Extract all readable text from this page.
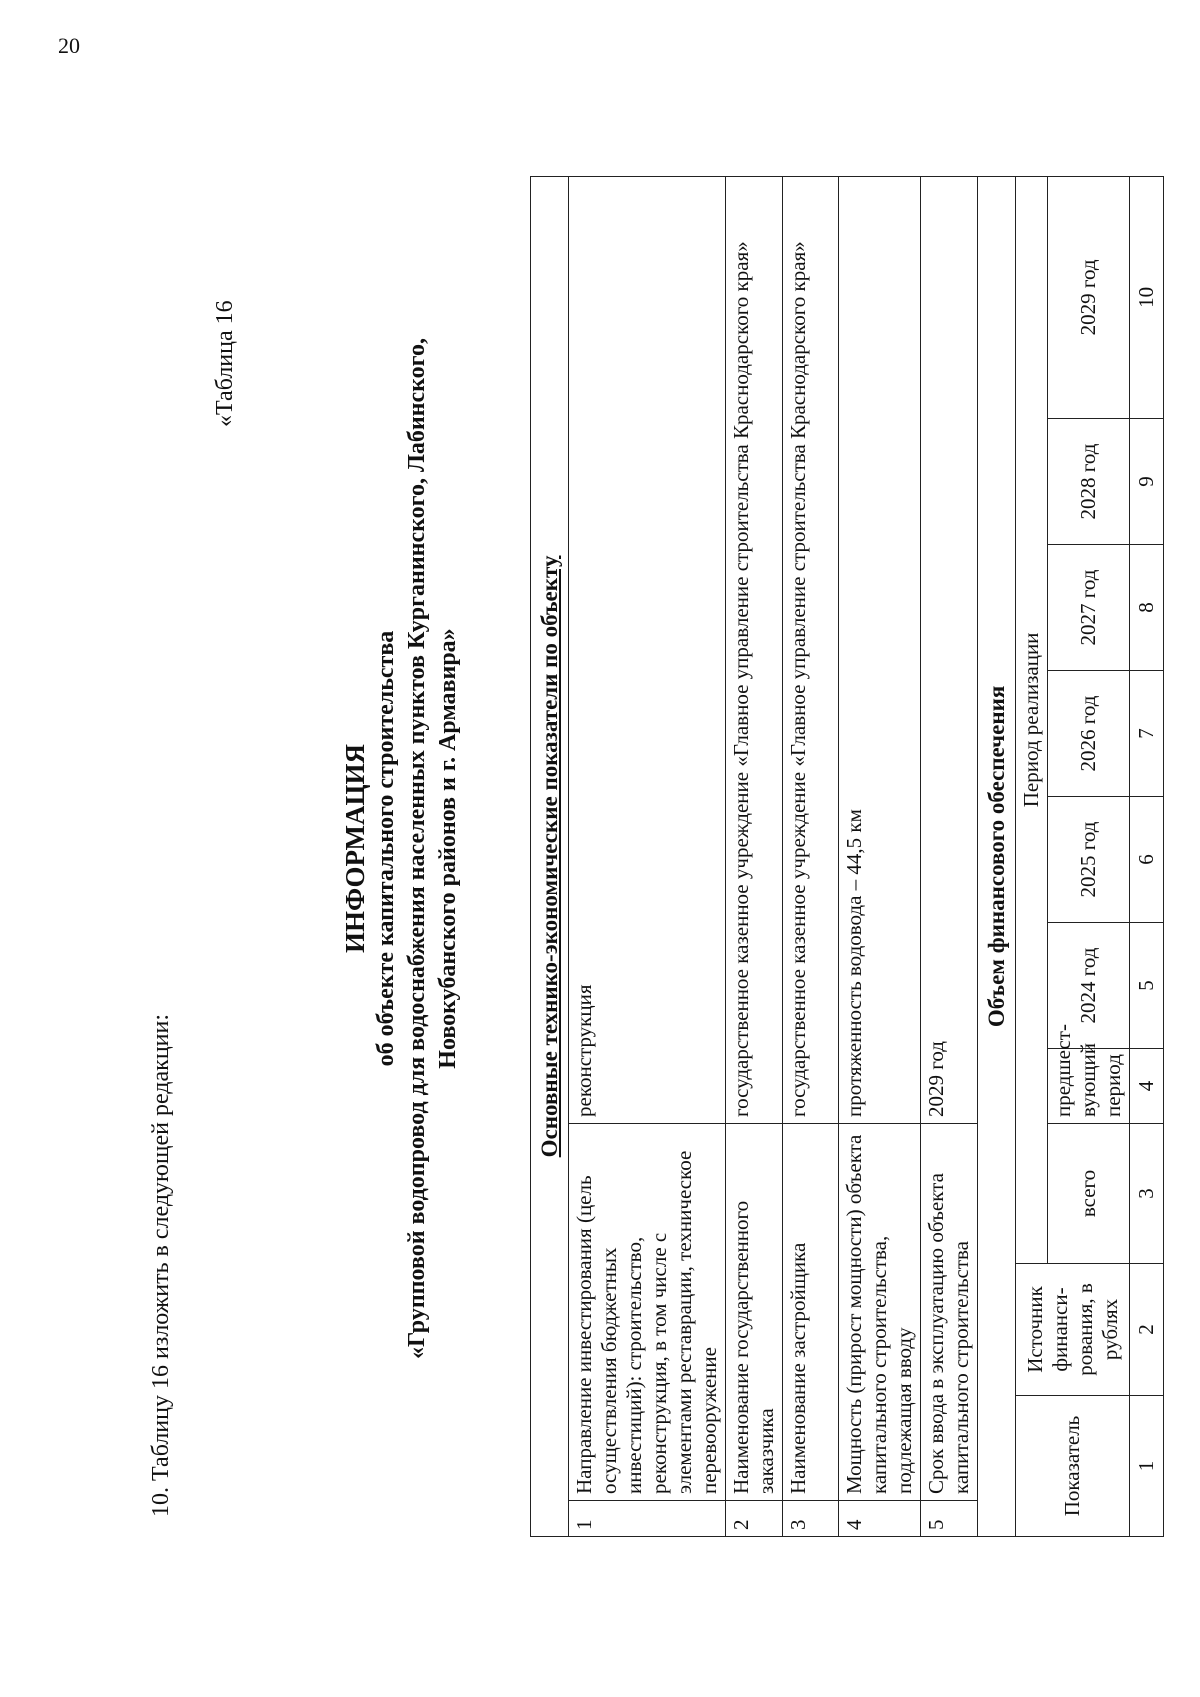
20
10. Таблицу 16 изложить в следующей редакции:
«Таблица 16
ИНФОРМАЦИЯ об объекте капитального строительства «Групповой водопровод для водоснабжения населенных пунктов Курганинского, Лабинского, Новокубанского районов и г. Армавира»	Основные технико-экономические показатели по объекту										
1	Направление инвестирования (цель осуществления бюджетных инвестиций): строительство, реконструкция, в том числе с элементами реставрации, техническое перевооружение			реконструкция						
2	Наименование государственного заказчика			государственное казенное учреждение «Главное управление строительства Краснодарского края»						
3	Наименование застройщика			государственное казенное учреждение «Главное управление строительства Краснодарского края»						
4	Мощность (прирост мощности) объекта капитального строительства, подлежащая вводу			протяженность водовода – 44,5 км						
5	Срок ввода в эксплуатацию объекта капитального строительства			2029 год						
Объем финансового обеспечения										
Показатель		Источник финанси-рования, в рублях	Период реализации							
			всего	предшест-вующий период	2024 год	2025 год	2026 год	2027 год	2028 год	2029 год
1		2	3	4	5	6	7	8	9	10
